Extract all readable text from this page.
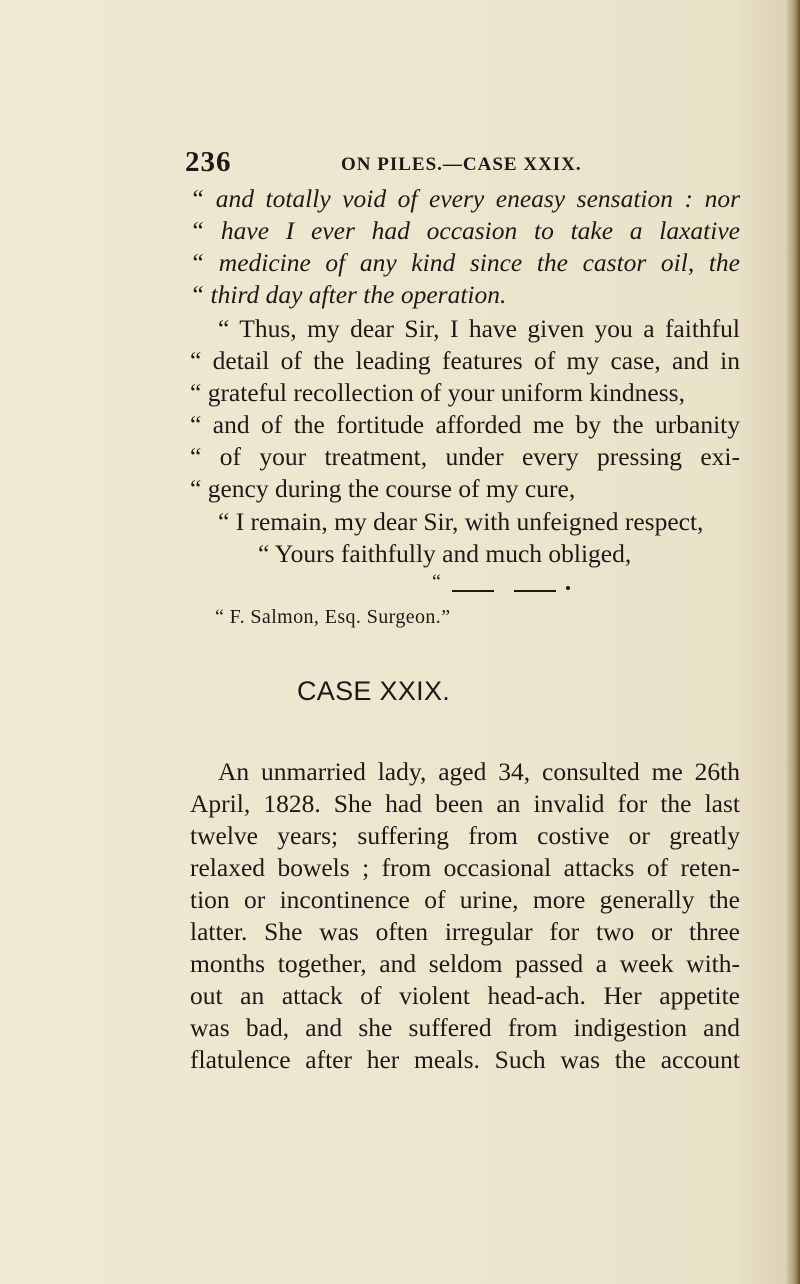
236	ON PILES.—CASE XXIX.
“ and totally void of every eneasy sensation : nor
“ have I ever had occasion to take a laxative
“ medicine of any kind since the castor oil, the
“ third day after the operation.
“ Thus, my dear Sir, I have given you a faithful
“ detail of the leading features of my case, and in
“ grateful recollection of your uniform kindness,
“ and of the fortitude afforded me by the urbanity
“ of your treatment, under every pressing exi-
“ gency during the course of my cure,
“ I remain, my dear Sir, with unfeigned respect,
“ Yours faithfully and much obliged,
“
“ F. Salmon, Esq. Surgeon.”
CASE XXIX.
An unmarried lady, aged 34, consulted me 26th
April, 1828. She had been an invalid for the last
twelve years; suffering from costive or greatly
relaxed bowels ; from occasional attacks of reten-
tion or incontinence of urine, more generally the
latter. She was often irregular for two or three
months together, and seldom passed a week with-
out an attack of violent head-ach. Her appetite
was bad, and she suffered from indigestion and
flatulence after her meals. Such was the account
